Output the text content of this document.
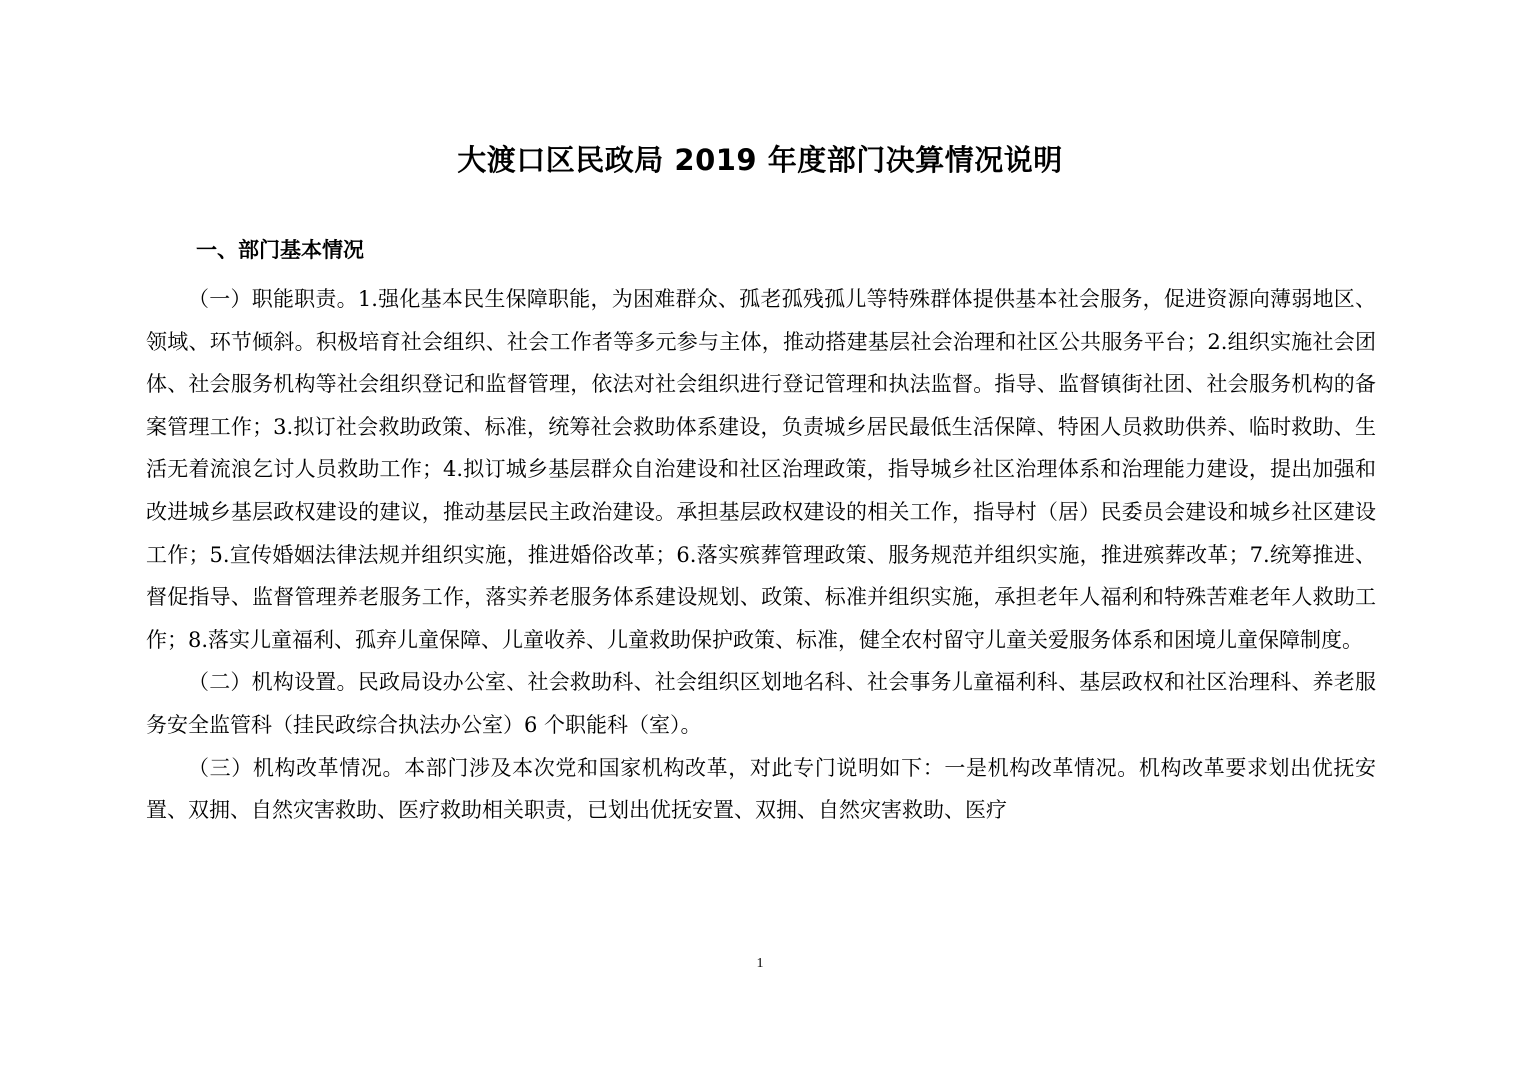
大渡口区民政局 2019 年度部门决算情况说明
一、部门基本情况

（一）职能职责。1.强化基本民生保障职能，为困难群众、孤老孤残孤儿等特殊群体提供基本社会服务，促进资源向薄弱地区、领域、环节倾斜。积极培育社会组织、社会工作者等多元参与主体，推动搭建基层社会治理和社区公共服务平台；2.组织实施社会团体、社会服务机构等社会组织登记和监督管理，依法对社会组织进行登记管理和执法监督。指导、监督镇街社团、社会服务机构的备案管理工作；3.拟订社会救助政策、标准，统筹社会救助体系建设，负责城乡居民最低生活保障、特困人员救助供养、临时救助、生活无着流浪乞讨人员救助工作；4.拟订城乡基层群众自治建设和社区治理政策，指导城乡社区治理体系和治理能力建设，提出加强和改进城乡基层政权建设的建议，推动基层民主政治建设。承担基层政权建设的相关工作，指导村（居）民委员会建设和城乡社区建设工作；5.宣传婚姻法律法规并组织实施，推进婚俗改革；6.落实殡葬管理政策、服务规范并组织实施，推进殡葬改革；7.统筹推进、督促指导、监督管理养老服务工作，落实养老服务体系建设规划、政策、标准并组织实施，承担老年人福利和特殊苦难老年人救助工作；8.落实儿童福利、孤弃儿童保障、儿童收养、儿童救助保护政策、标准，健全农村留守儿童关爱服务体系和困境儿童保障制度。

（二）机构设置。民政局设办公室、社会救助科、社会组织区划地名科、社会事务儿童福利科、基层政权和社区治理科、养老服务安全监管科（挂民政综合执法办公室）6 个职能科（室）。

（三）机构改革情况。本部门涉及本次党和国家机构改革，对此专门说明如下：一是机构改革情况。机构改革要求划出优抚安置、双拥、自然灾害救助、医疗救助相关职责，已划出优抚安置、双拥、自然灾害救助、医疗

1
